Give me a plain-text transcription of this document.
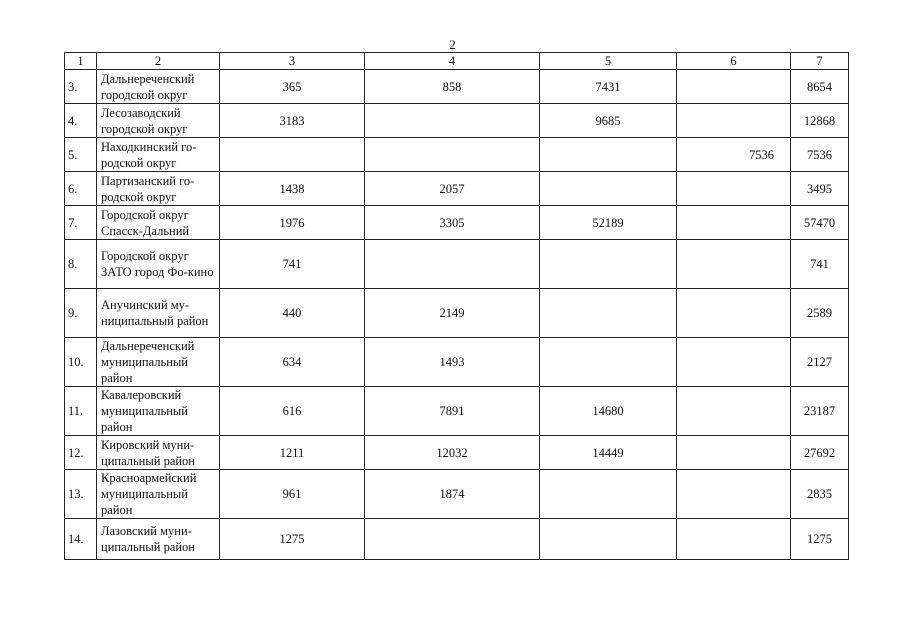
2
1	2	3	4	5	6	7
3.	Дальнереченский городской округ	365	858	7431		8654
4.	Лесозаводский городской округ	3183		9685		12868
5.	Находкинский го-родской округ				7536	7536
6.	Партизанский го-родской округ	1438	2057			3495
7.	Городской округ Спасск-Дальний	1976	3305	52189		57470
8.	Городской округ ЗАТО город Фо-кино	741				741
9.	Анучинский му-ниципальный район	440	2149			2589
10.	Дальнереченский муниципальный район	634	1493			2127
11.	Кавалеровский муниципальный район	616	7891	14680		23187
12.	Кировский муни-ципальный район	1211	12032	14449		27692
13.	Красноармейский муниципальный район	961	1874			2835
14.	Лазовский муни-ципальный район	1275				1275
